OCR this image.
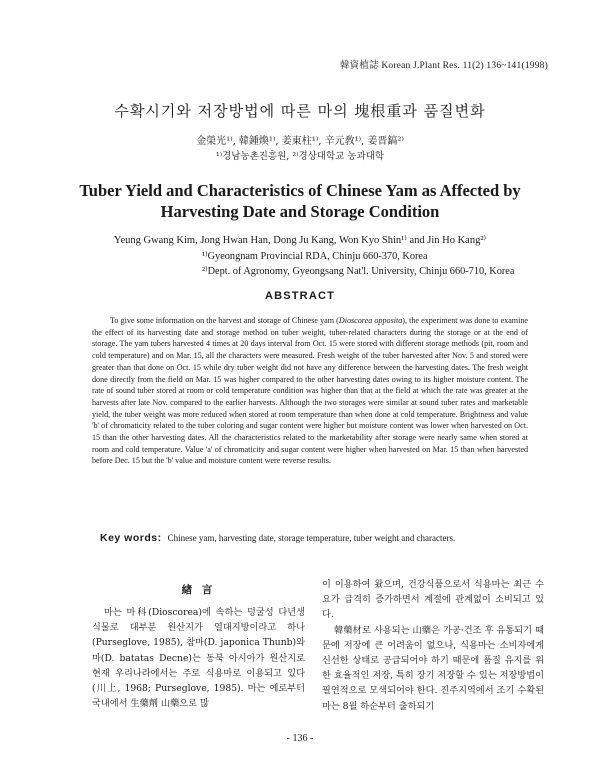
韓資植誌 Korean J.Plant Res. 11(2) 136~141(1998)
수확시기와 저장방법에 따른 마의 塊根重과 품질변화
金榮光¹⁾, 韓鍾煥¹⁾, 姜東柱¹⁾, 辛元敎¹⁾, 姜晋鎬²⁾
¹⁾경남농촌진흥원, ²⁾경상대학교 농과대학
Tuber Yield and Characteristics of Chinese Yam as Affected by Harvesting Date and Storage Condition
Yeung Gwang Kim, Jong Hwan Han, Dong Ju Kang, Won Kyo Shin¹⁾ and Jin Ho Kang²⁾
¹⁾Gyeongnam Provincial RDA, Chinju 660-370, Korea
²⁾Dept. of Agronomy, Gyeongsang Nat'l. University, Chinju 660-710, Korea
ABSTRACT

To give some information on the harvest and storage of Chinese yam (Dioscorea opposita), the experiment was done to examine the effect of its harvesting date and storage method on tuber weight, tuber-related characters during the storage or at the end of storage. The yam tubers harvested 4 times at 20 days interval from Oct. 15 were stored with different storage methods (pit, room and cold temperature) and on Mar. 15, all the characters were measured. Fresh weight of the tuber harvested after Nov. 5 and stored were greater than that done on Oct. 15 while dry tuber weight did not have any difference between the harvesting dates. The fresh weight done directly from the field on Mar. 15 was higher compared to the other harvesting dates owing to its higher moisture content. The rate of sound tuber stored at room or cold temperature condition was higher than that at the field at which the rate was greater at the harvests after late Nov. compared to the earlier harvests. Although the two storages were similar at sound tuber rates and marketable yield, the tuber weight was more reduced when stored at room temperature than when done at cold temperature. Brightness and value 'b' of chromaticity related to the tuber coloring and sugar content were higher but moisture content was lower when harvested on Oct. 15 than the other harvesting dates. All the characteristics related to the marketability after storage were nearly same when stored at room and cold temperature. Value 'a' of chromaticity and sugar content were higher when harvested on Mar. 15 than when harvested before Dec. 15 but the 'b' value and moisture content were reverse results.

Key words: Chinese yam, harvesting date, storage temperature, tuber weight and characters.
緖 言

마는 마科(Dioscorea)에 속하는 덩굴성 다년생 식물로 대부분 원산지가 열대지방이라고 하나(Purseglove, 1985), 참마(D. japonica Thunb)와 마(D. batatas Decne)는 동북 아시아가 원산지로 현재 우리나라에서는 주로 식용마로 이용되고 있다(川上, 1968; Purseglove, 1985). 마는 예로부터 국내에서 生藥劑 山藥으로 많

이 이용하여 왔으며, 건강식품으로서 식용마는 최근 수요가 급격히 증가하면서 계절에 관계없이 소비되고 있다.

韓藥材로 사용되는 山藥은 가공·건조 후 유통되기 때문에 저장에 큰 어려움이 없으나, 식용마는 소비자에게 신선한 상태로 공급되어야 하기 때문에 품질 유지를 위한 효율적인 저장, 특히 장기 저장할 수 있는 저장방법이 필연적으로 모색되어야 한다. 진주지역에서 조기 수확된 마는 8월 하순부터 출하되기

- 136 -
